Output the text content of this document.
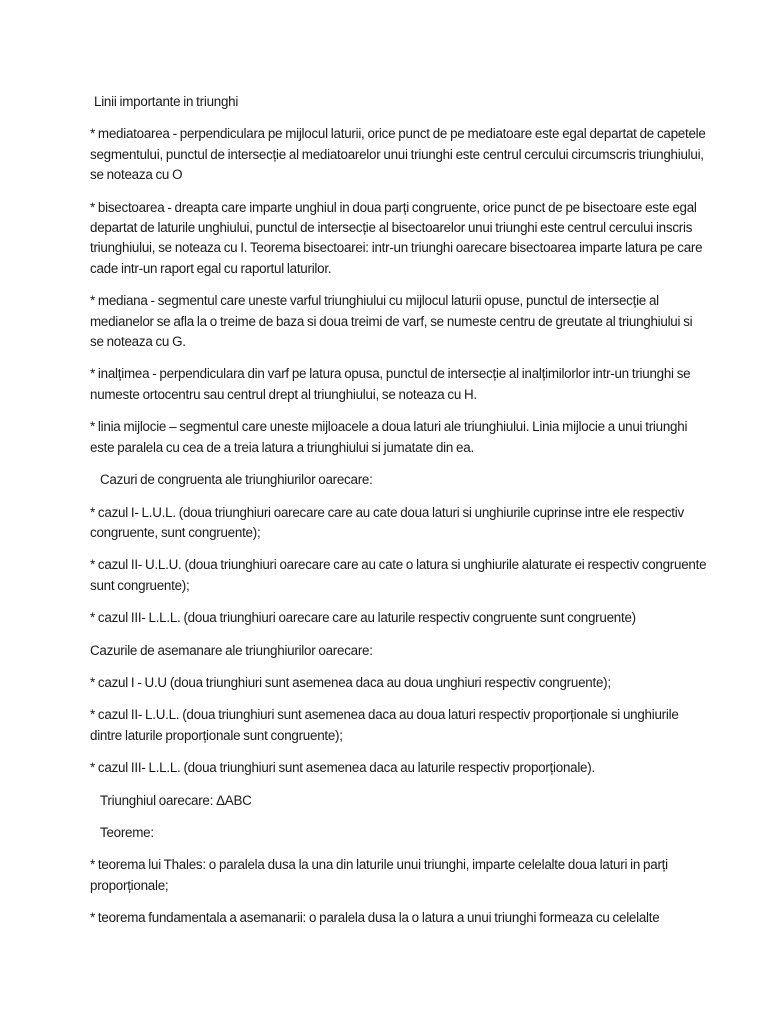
Linii importante in triunghi

* mediatoarea - perpendiculara pe mijlocul laturii, orice punct de pe mediatoare este egal departat de capetele segmentului, punctul de intersecție al mediatoarelor unui triunghi este centrul cercului circumscris triunghiului, se noteaza cu O

* bisectoarea - dreapta care imparte unghiul in doua parți congruente, orice punct de pe bisectoare este egal departat de laturile unghiului, punctul de intersecție al bisectoarelor unui triunghi este centrul cercului inscris triunghiului, se noteaza cu I. Teorema bisectoarei: intr-un triunghi oarecare bisectoarea imparte latura pe care cade intr-un raport egal cu raportul laturilor.

* mediana - segmentul care uneste varful triunghiului cu mijlocul laturii opuse, punctul de intersecție al medianelor se afla la o treime de baza si doua treimi de varf, se numeste centru de greutate al triunghiului si se noteaza cu G.

* inalțimea - perpendiculara din varf pe latura opusa, punctul de intersecție al inalțimilorlor intr-un triunghi se numeste ortocentru sau centrul drept al triunghiului, se noteaza cu H.

* linia mijlocie – segmentul care uneste mijloacele a doua laturi ale triunghiului. Linia mijlocie a unui triunghi este paralela cu cea de a treia latura a triunghiului si jumatate din ea.

Cazuri de congruenta ale triunghiurilor oarecare:

* cazul I- L.U.L. (doua triunghiuri oarecare care au cate doua laturi si unghiurile cuprinse intre ele respectiv congruente, sunt congruente);

* cazul II- U.L.U. (doua triunghiuri oarecare care au cate o latura si unghiurile alaturate ei respectiv congruente sunt congruente);

* cazul III- L.L.L. (doua triunghiuri oarecare care au laturile respectiv congruente sunt congruente)

Cazurile de asemanare ale triunghiurilor oarecare:

* cazul I - U.U (doua triunghiuri sunt asemenea daca au doua unghiuri respectiv congruente);

* cazul II- L.U.L. (doua triunghiuri sunt asemenea daca au doua laturi respectiv proporționale si unghiurile dintre laturile proporționale sunt congruente);

* cazul III- L.L.L. (doua triunghiuri sunt asemenea daca au laturile respectiv proporționale).

Triunghiul oarecare: ΔABC

Teoreme:

* teorema lui Thales: o paralela dusa la una din laturile unui triunghi, imparte celelalte doua laturi in parți proporționale;

* teorema fundamentala a asemanarii: o paralela dusa la o latura a unui triunghi formeaza cu celelalte
